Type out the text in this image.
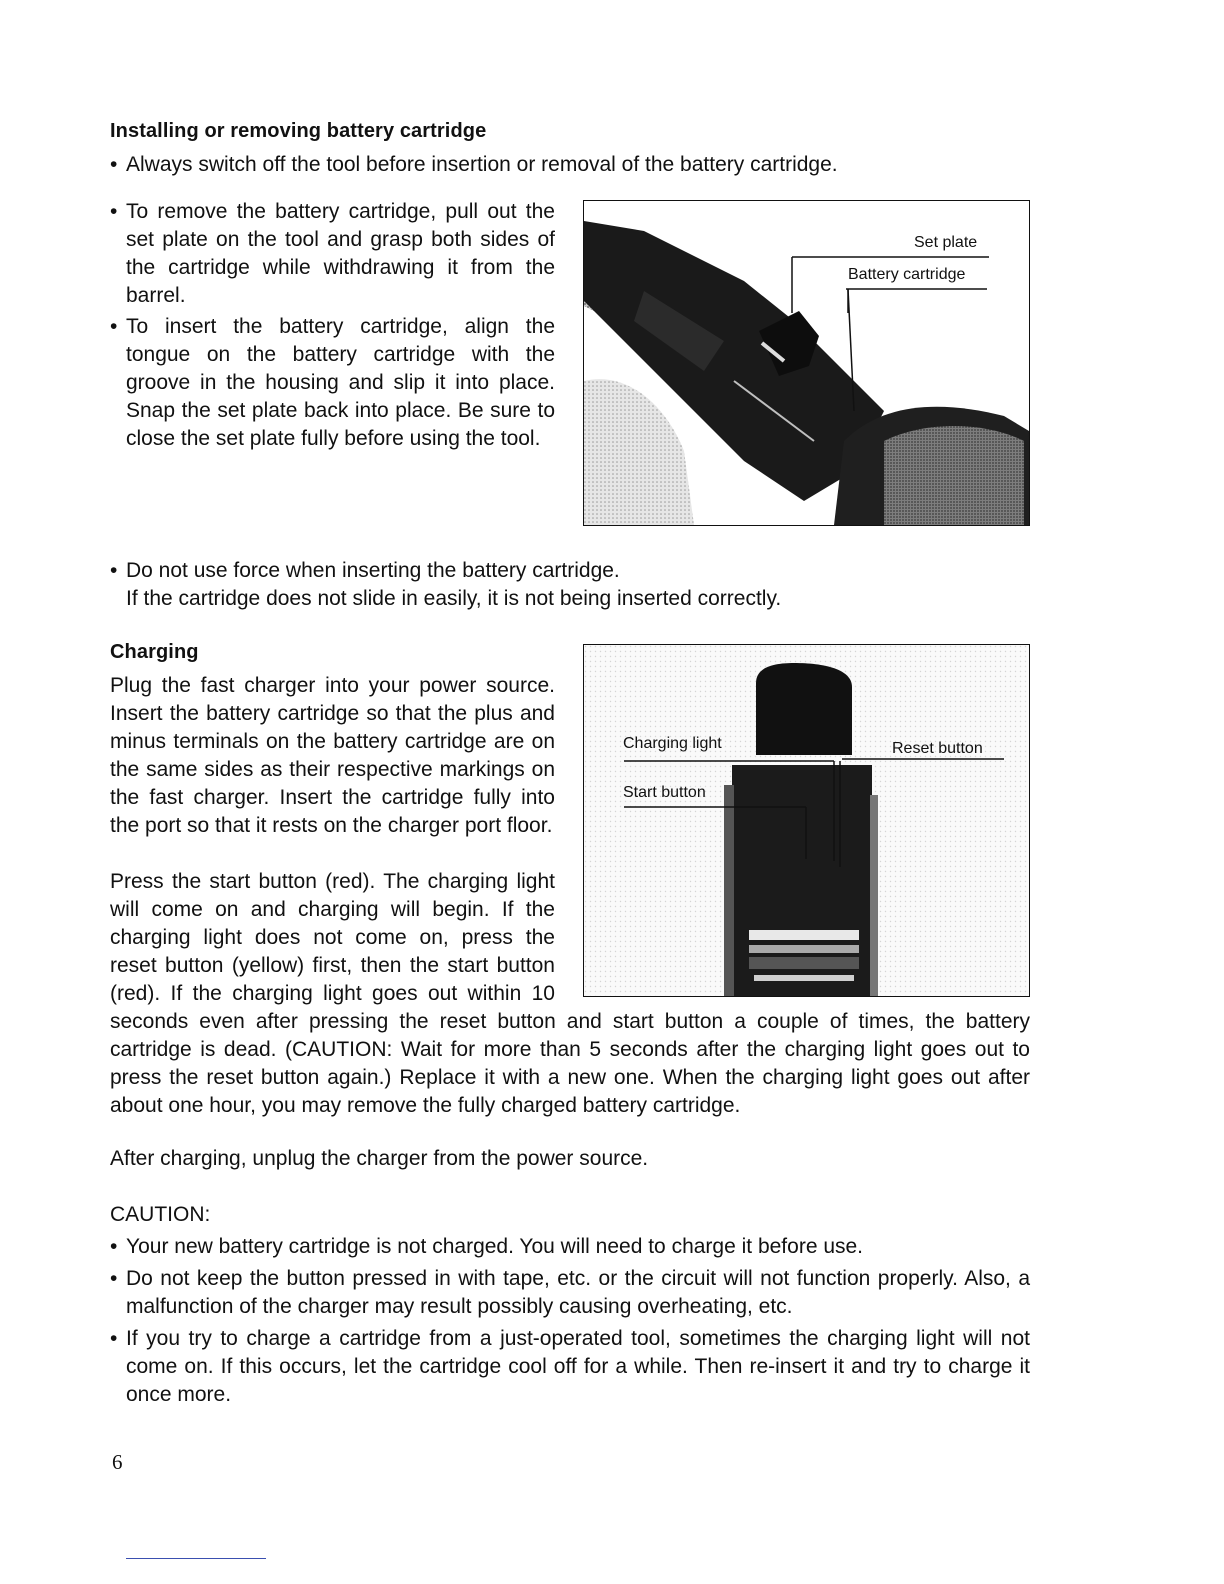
Installing or removing battery cartridge
• Always switch off the tool before insertion or removal of the battery cartridge.
• To remove the battery cartridge, pull out the set plate on the tool and grasp both sides of the cartridge while withdrawing it from the barrel.
• To insert the battery cartridge, align the tongue on the battery cartridge with the groove in the housing and slip it into place. Snap the set plate back into place. Be sure to close the set plate fully before using the tool.
Set plate
Battery cartridge
• Do not use force when inserting the battery cartridge.
If the cartridge does not slide in easily, it is not being inserted correctly.
Charging
Plug the fast charger into your power source. Insert the battery cartridge so that the plus and minus terminals on the battery cartridge are on the same sides as their respective markings on the fast charger. Insert the cartridge fully into the port so that it rests on the charger port floor.
Press the start button (red). The charging light will come on and charging will begin. If the charging light does not come on, press the reset button (yellow) first, then the start button (red). If the charging light goes out within 10 seconds even after pressing the reset button and start button a couple of times, the battery cartridge is dead. (CAUTION: Wait for more than 5 seconds after the charging light goes out to press the reset button again.) Replace it with a new one. When the charging light goes out after about one hour, you may remove the fully charged battery cartridge.
After charging, unplug the charger from the power source.
Charging light	Reset button
Start button
CAUTION:
• Your new battery cartridge is not charged. You will need to charge it before use.
• Do not keep the button pressed in with tape, etc. or the circuit will not function properly. Also, a malfunction of the charger may result possibly causing overheating, etc.
• If you try to charge a cartridge from a just-operated tool, sometimes the charging light will not come on. If this occurs, let the cartridge cool off for a while. Then re-insert it and try to charge it once more.
6
